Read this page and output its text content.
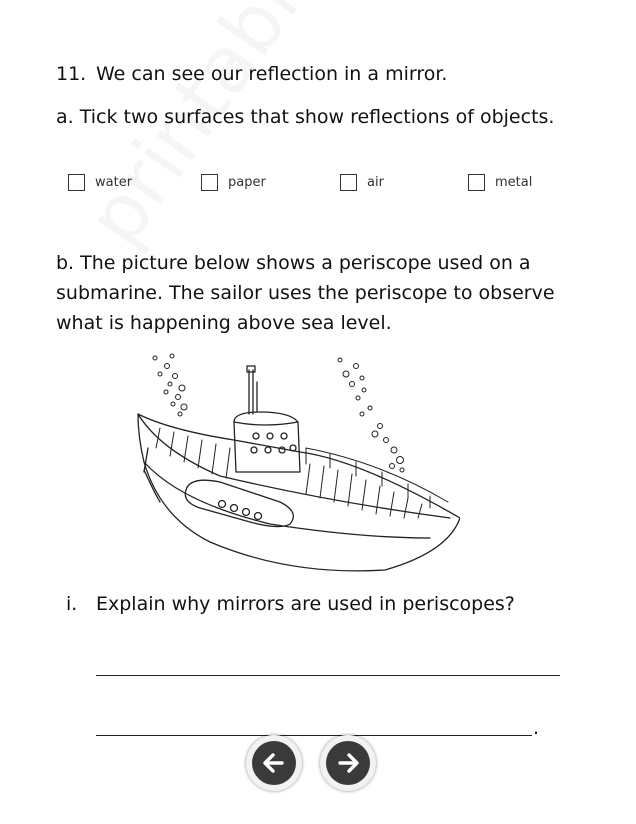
11. We can see our reflection in a mirror.
a. Tick two surfaces that show reflections of objects.
water	paper	air	metal
b. The picture below shows a periscope used on a submarine. The sailor uses the periscope to observe what is happening above sea level.
i. Explain why mirrors are used in periscopes?
.
